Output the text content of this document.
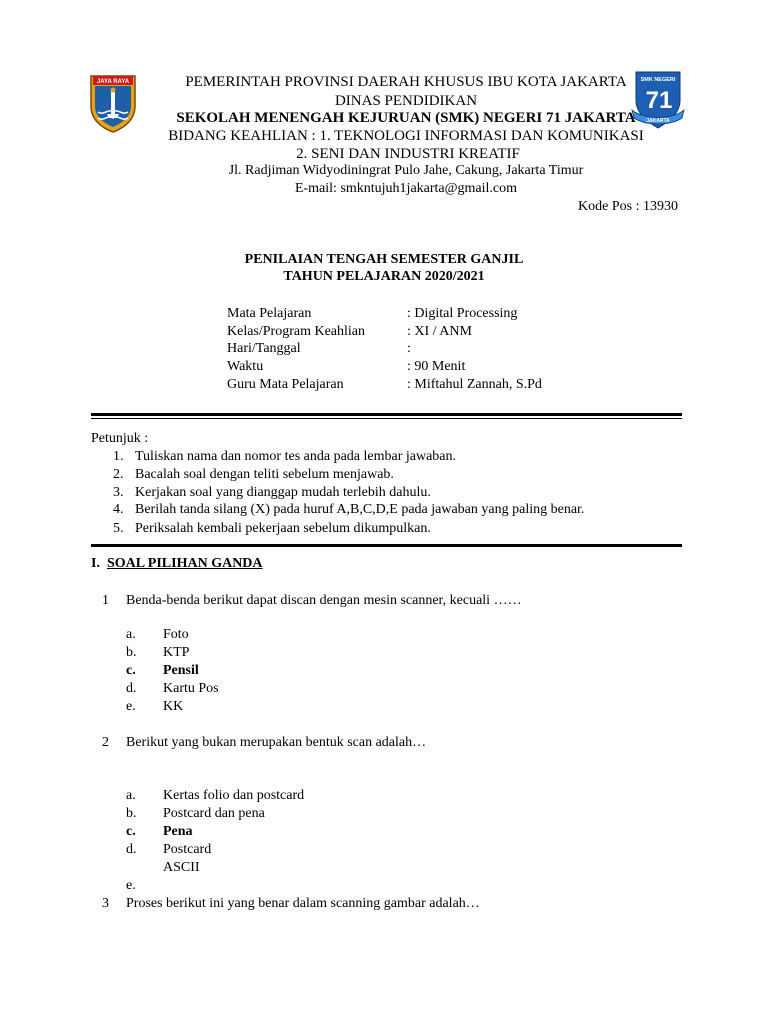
JAYA RAYA	SMK NEGERI
71
JAKARTA
PEMERINTAH PROVINSI DAERAH KHUSUS IBU KOTA JAKARTA
DINAS PENDIDIKAN
SEKOLAH MENENGAH KEJURUAN (SMK) NEGERI 71 JAKARTA
BIDANG KEAHLIAN : 1. TEKNOLOGI INFORMASI DAN KOMUNIKASI
2. SENI DAN INDUSTRI KREATIF
Jl. Radjiman Widyodiningrat Pulo Jahe, Cakung, Jakarta Timur
E-mail: smkntujuh1jakarta@gmail.com
Kode Pos : 13930
PENILAIAN TENGAH SEMESTER GANJIL
TAHUN PELAJARAN 2020/2021
Mata Pelajaran	: Digital Processing
Kelas/Program Keahlian	: XI / ANM
Hari/Tanggal	:
Waktu	: 90 Menit
Guru Mata Pelajaran	: Miftahul Zannah, S.Pd
Petunjuk :
1. Tuliskan nama dan nomor tes anda pada lembar jawaban.
2. Bacalah soal dengan teliti sebelum menjawab.
3. Kerjakan soal yang dianggap mudah terlebih dahulu.
4. Berilah tanda silang (X) pada huruf A,B,C,D,E pada jawaban yang paling benar.
5. Periksalah kembali pekerjaan sebelum dikumpulkan.
I. SOAL PILIHAN GANDA
1 Benda-benda berikut dapat discan dengan mesin scanner, kecuali ……
a. Foto
b. KTP
c. Pensil
d. Kartu Pos
e. KK
2 Berikut yang bukan merupakan bentuk scan adalah…
a. Kertas folio dan postcard
b. Postcard dan pena
c. Pena
d. Postcard
ASCII
e.
3 Proses berikut ini yang benar dalam scanning gambar adalah…
